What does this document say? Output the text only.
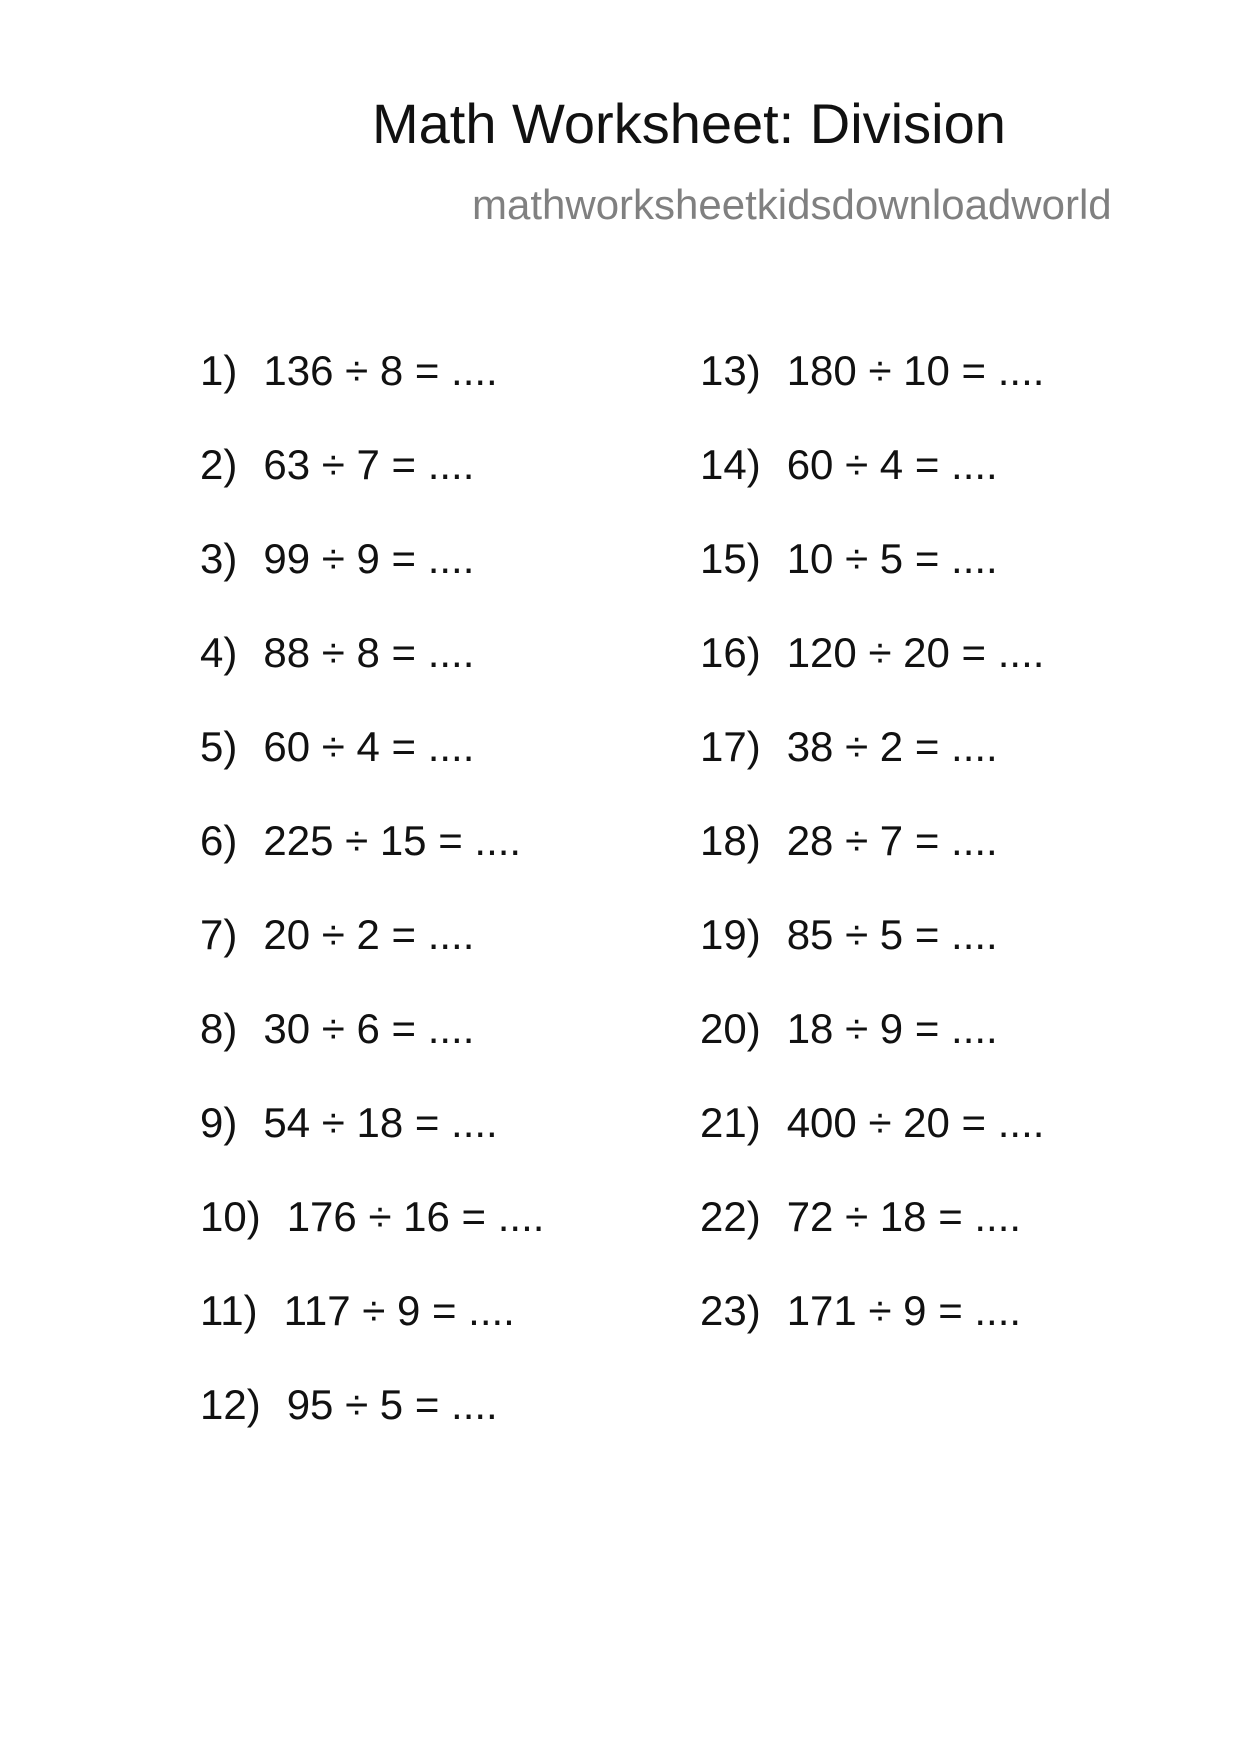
Math Worksheet: Division
mathworksheetkidsdownloadworld
1) 136 ÷ 8 = ....
2) 63 ÷ 7 = ....
3) 99 ÷ 9 = ....
4) 88 ÷ 8 = ....
5) 60 ÷ 4 = ....
6) 225 ÷ 15 = ....
7) 20 ÷ 2 = ....
8) 30 ÷ 6 = ....
9) 54 ÷ 18 = ....
10) 176 ÷ 16 = ....
11) 117 ÷ 9 = ....
12) 95 ÷ 5 = ....
13) 180 ÷ 10 = ....
14) 60 ÷ 4 = ....
15) 10 ÷ 5 = ....
16) 120 ÷ 20 = ....
17) 38 ÷ 2 = ....
18) 28 ÷ 7 = ....
19) 85 ÷ 5 = ....
20) 18 ÷ 9 = ....
21) 400 ÷ 20 = ....
22) 72 ÷ 18 = ....
23) 171 ÷ 9 = ....
